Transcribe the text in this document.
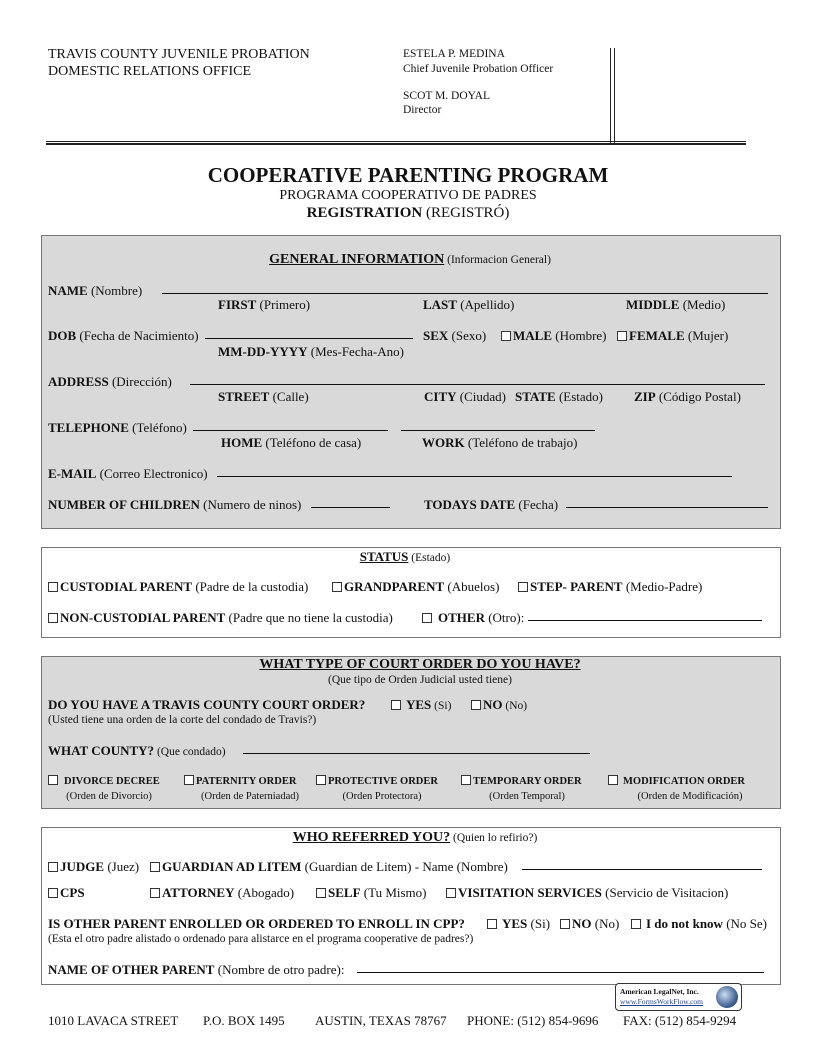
TRAVIS COUNTY JUVENILE PROBATION
DOMESTIC RELATIONS OFFICE
ESTELA P. MEDINA
Chief Juvenile Probation Officer
SCOT M. DOYAL
Director
COOPERATIVE PARENTING PROGRAM
PROGRAMA COOPERATIVO DE PADRES
REGISTRATION (REGISTRÓ)
GENERAL INFORMATION (Informacion General)
NAME (Nombre)
FIRST (Primero)	LAST (Apellido)	MIDDLE (Medio)
DOB (Fecha de Nacimiento)
MM-DD-YYYY (Mes-Fecha-Ano)
SEX (Sexo)	MALE (Hombre)	FEMALE (Mujer)
ADDRESS (Dirección)
STREET (Calle)	CITY (Ciudad) STATE (Estado) ZIP (Código Postal)
TELEPHONE (Teléfono)
HOME (Teléfono de casa)	WORK (Teléfono de trabajo)
E-MAIL (Correo Electronico)
NUMBER OF CHILDREN (Numero de ninos)	TODAYS DATE (Fecha)
STATUS (Estado)
CUSTODIAL PARENT (Padre de la custodia)	GRANDPARENT (Abuelos)	STEP- PARENT (Medio-Padre)
NON-CUSTODIAL PARENT (Padre que no tiene la custodia)	OTHER (Otro):
WHAT TYPE OF COURT ORDER DO YOU HAVE?
(Que tipo de Orden Judicial usted tiene)
DO YOU HAVE A TRAVIS COUNTY COURT ORDER?	YES (Si)	NO (No)
(Usted tiene una orden de la corte del condado de Travis?)
WHAT COUNTY? (Que condado)
DIVORCE DECREE
(Orden de Divorcio)
PATERNITY ORDER
(Orden de Paterniadad)
PROTECTIVE ORDER
(Orden Protectora)
TEMPORARY ORDER
(Orden Temporal)
MODIFICATION ORDER
(Orden de Modificación)
WHO REFERRED YOU? (Quien lo refirio?)
JUDGE (Juez)	GUARDIAN AD LITEM (Guardian de Litem) - Name (Nombre)
CPS	ATTORNEY (Abogado)	SELF (Tu Mismo)	VISITATION SERVICES (Servicio de Visitacion)
IS OTHER PARENT ENROLLED OR ORDERED TO ENROLL IN CPP?	YES (Si)	NO (No)	I do not know (No Se)
(Esta el otro padre alistado o ordenado para alistarce en el programa cooperative de padres?)
NAME OF OTHER PARENT (Nombre de otro padre):
American LegalNet, Inc.
www.FormsWorkFlow.com
1010 LAVACA STREET P.O. BOX 1495 AUSTIN, TEXAS 78767 PHONE: (512) 854-9696 FAX: (512) 854-9294
